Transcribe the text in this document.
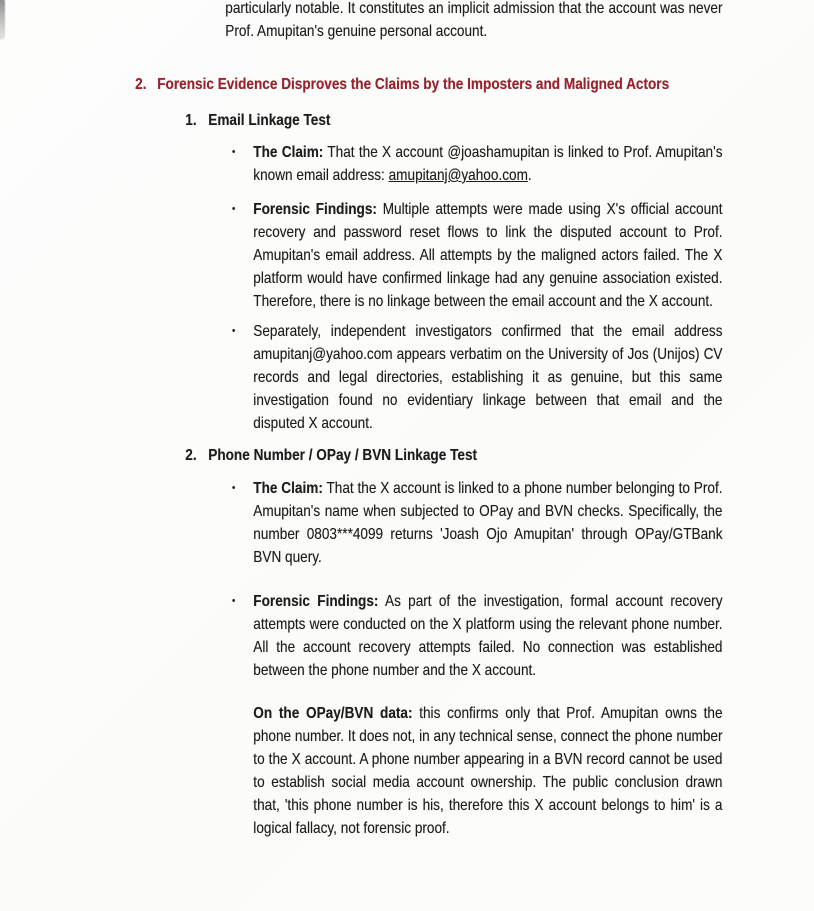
particularly notable. It constitutes an implicit admission that the account was never Prof. Amupitan's genuine personal account.

2. Forensic Evidence Disproves the Claims by the Imposters and Maligned Actors
1. Email Linkage Test
•	The Claim: That the X account @joashamupitan is linked to Prof. Amupitan's known email address: amupitanj@yahoo.com.

•	Forensic Findings: Multiple attempts were made using X's official account recovery and password reset flows to link the disputed account to Prof. Amupitan's email address. All attempts by the maligned actors failed. The X platform would have confirmed linkage had any genuine association existed. Therefore, there is no linkage between the email account and the X account.

•	Separately, independent investigators confirmed that the email address amupitanj@yahoo.com appears verbatim on the University of Jos (Unijos) CV records and legal directories, establishing it as genuine, but this same investigation found no evidentiary linkage between that email and the disputed X account.

2. Phone Number / OPay / BVN Linkage Test
•	The Claim: That the X account is linked to a phone number belonging to Prof. Amupitan's name when subjected to OPay and BVN checks. Specifically, the number 0803***4099 returns 'Joash Ojo Amupitan' through OPay/GTBank BVN query.

•	Forensic Findings: As part of the investigation, formal account recovery attempts were conducted on the X platform using the relevant phone number. All the account recovery attempts failed. No connection was established between the phone number and the X account.

On the OPay/BVN data: this confirms only that Prof. Amupitan owns the phone number. It does not, in any technical sense, connect the phone number to the X account. A phone number appearing in a BVN record cannot be used to establish social media account ownership. The public conclusion drawn that, 'this phone number is his, therefore this X account belongs to him' is a logical fallacy, not forensic proof.
